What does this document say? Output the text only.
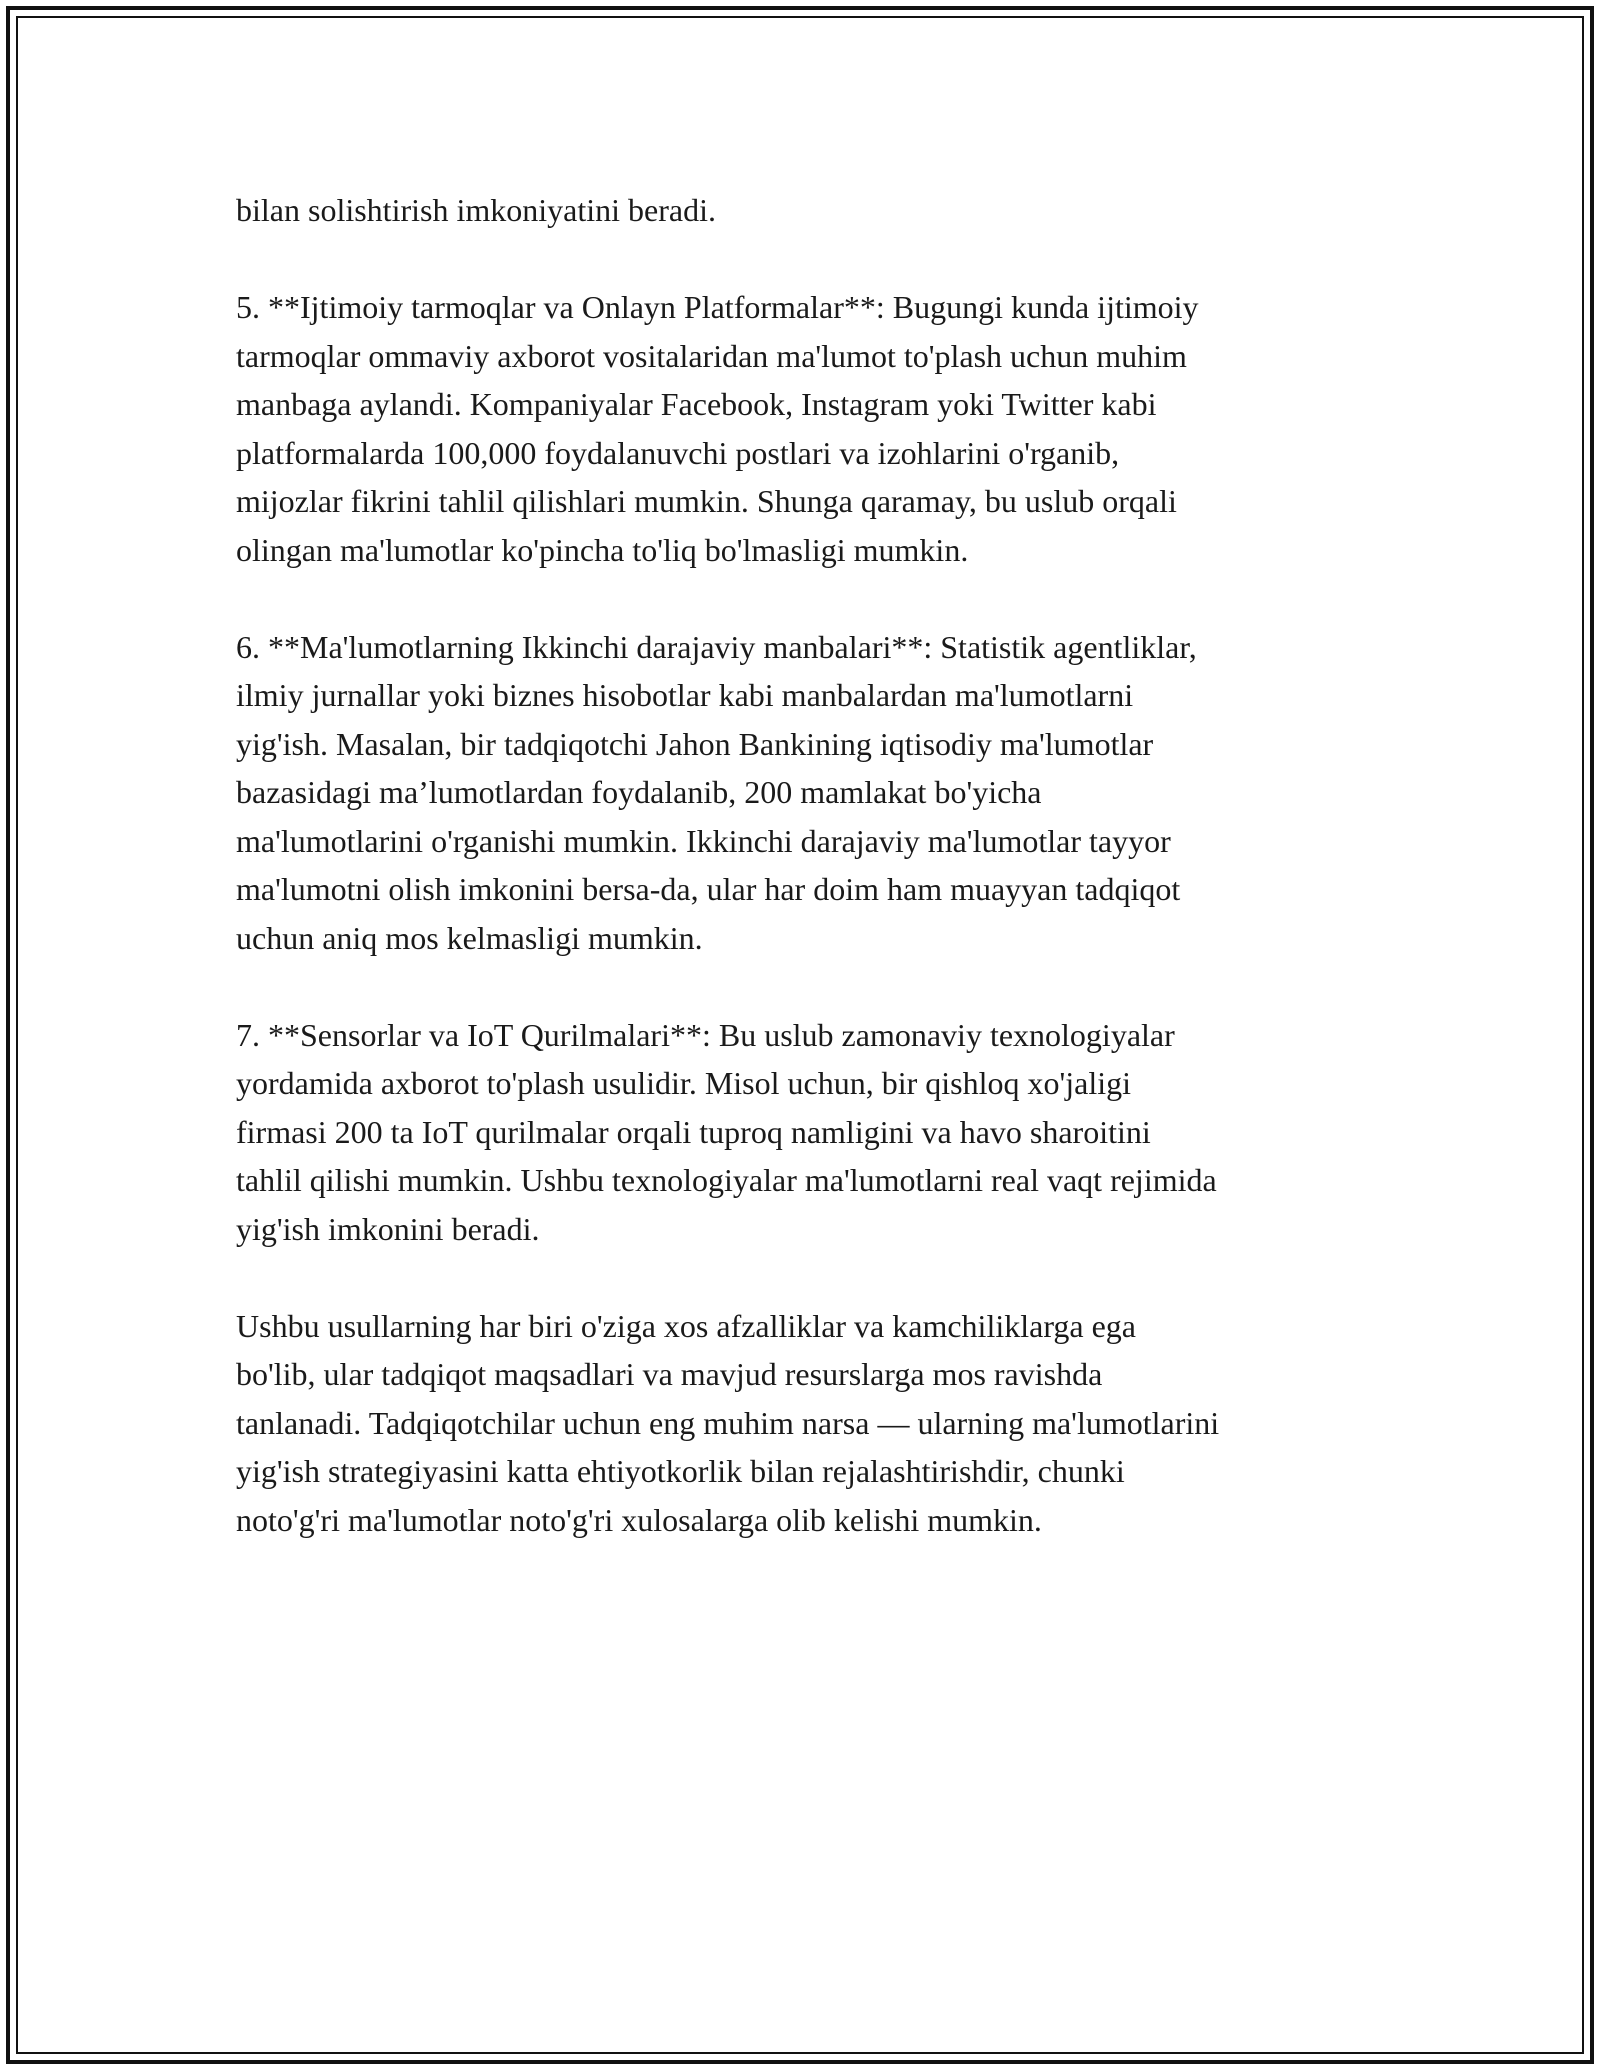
bilan solishtirish imkoniyatini beradi.

5. **Ijtimoiy tarmoqlar va Onlayn Platformalar**: Bugungi kunda ijtimoiy
tarmoqlar ommaviy axborot vositalaridan ma'lumot to'plash uchun muhim
manbaga aylandi. Kompaniyalar Facebook, Instagram yoki Twitter kabi
platformalarda 100,000 foydalanuvchi postlari va izohlarini o'rganib,
mijozlar fikrini tahlil qilishlari mumkin. Shunga qaramay, bu uslub orqali
olingan ma'lumotlar ko'pincha to'liq bo'lmasligi mumkin.

6. **Ma'lumotlarning Ikkinchi darajaviy manbalari**: Statistik agentliklar,
ilmiy jurnallar yoki biznes hisobotlar kabi manbalardan ma'lumotlarni
yig'ish. Masalan, bir tadqiqotchi Jahon Bankining iqtisodiy ma'lumotlar
bazasidagi maʼlumotlardan foydalanib, 200 mamlakat bo'yicha
ma'lumotlarini o'rganishi mumkin. Ikkinchi darajaviy ma'lumotlar tayyor
ma'lumotni olish imkonini bersa-da, ular har doim ham muayyan tadqiqot
uchun aniq mos kelmasligi mumkin.

7. **Sensorlar va IoT Qurilmalari**: Bu uslub zamonaviy texnologiyalar
yordamida axborot to'plash usulidir. Misol uchun, bir qishloq xo'jaligi
firmasi 200 ta IoT qurilmalar orqali tuproq namligini va havo sharoitini
tahlil qilishi mumkin. Ushbu texnologiyalar ma'lumotlarni real vaqt rejimida
yig'ish imkonini beradi.

Ushbu usullarning har biri o'ziga xos afzalliklar va kamchiliklarga ega
bo'lib, ular tadqiqot maqsadlari va mavjud resurslarga mos ravishda
tanlanadi. Tadqiqotchilar uchun eng muhim narsa — ularning ma'lumotlarini
yig'ish strategiyasini katta ehtiyotkorlik bilan rejalashtirishdir, chunki
noto'g'ri ma'lumotlar noto'g'ri xulosalarga olib kelishi mumkin.
